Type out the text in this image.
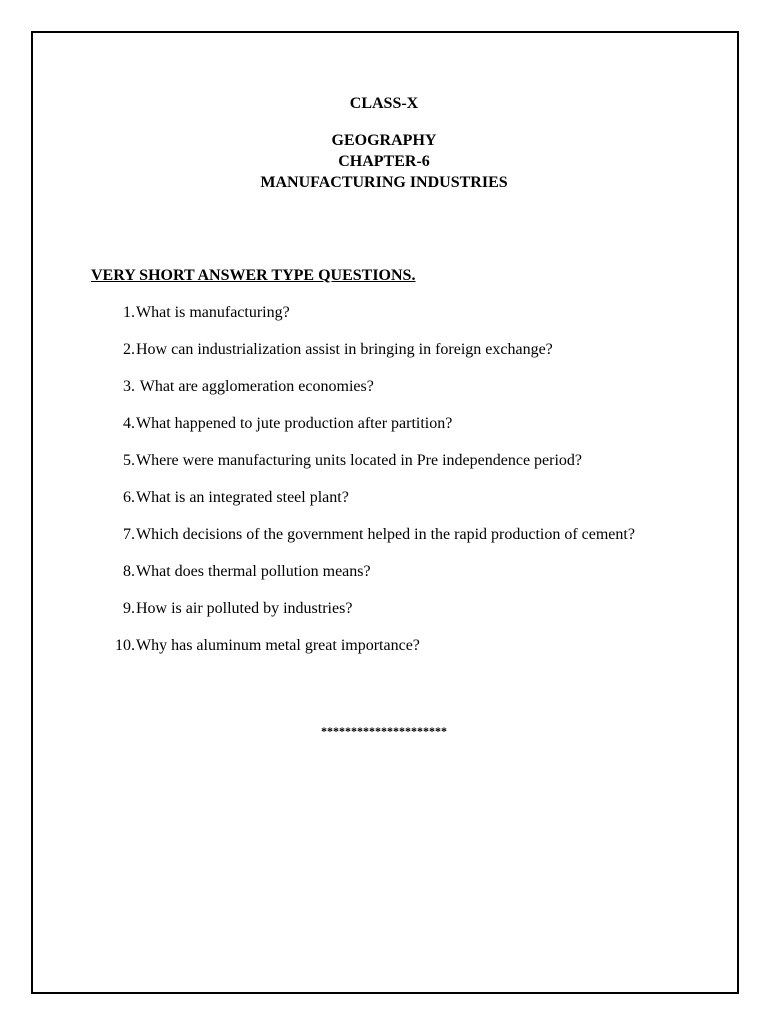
CLASS-X
GEOGRAPHY
CHAPTER-6
MANUFACTURING INDUSTRIES
VERY SHORT ANSWER TYPE QUESTIONS.
1. What is manufacturing?
2. How can industrialization assist in bringing in foreign exchange?
3. What are agglomeration economies?
4. What happened to jute production after partition?
5. Where were manufacturing units located in Pre independence period?
6. What is an integrated steel plant?
7. Which decisions of the government helped in the rapid production of cement?
8. What does thermal pollution means?
9. How is air polluted by industries?
10. Why has aluminum metal great importance?
*********************
